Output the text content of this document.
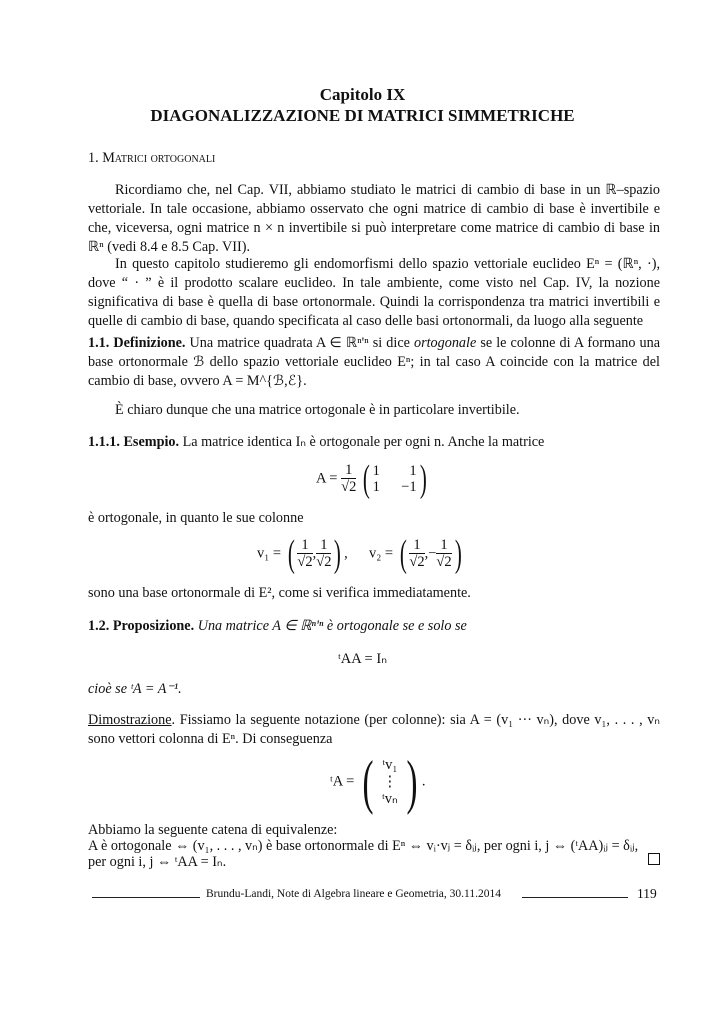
Capitolo IX
DIAGONALIZZAZIONE DI MATRICI SIMMETRICHE
1. Matrici ortogonali
Ricordiamo che, nel Cap. VII, abbiamo studiato le matrici di cambio di base in un ℝ–spazio vettoriale. In tale occasione, abbiamo osservato che ogni matrice di cambio di base è invertibile e che, viceversa, ogni matrice n × n invertibile si può interpretare come matrice di cambio di base in ℝⁿ (vedi 8.4 e 8.5 Cap. VII).
In questo capitolo studieremo gli endomorfismi dello spazio vettoriale euclideo Eⁿ = (ℝⁿ, ·), dove “ · ” è il prodotto scalare euclideo. In tale ambiente, come visto nel Cap. IV, la nozione significativa di base è quella di base ortonormale. Quindi la corrispondenza tra matrici invertibili e quelle di cambio di base, quando specificata al caso delle basi ortonormali, da luogo alla seguente
1.1. Definizione. Una matrice quadrata A ∈ ℝⁿ'ⁿ si dice ortogonale se le colonne di A formano una base ortonormale ℬ dello spazio vettoriale euclideo Eⁿ; in tal caso A coincide con la matrice del cambio di base, ovvero A = M^{ℬ,ℰ}.
È chiaro dunque che una matrice ortogonale è in particolare invertibile.
1.1.1. Esempio. La matrice identica Iₙ è ortogonale per ogni n. Anche la matrice
$A = \frac{1}{√2}$ ( 1 1
1 −1)
è ortogonale, in quanto le sue colonne
v₁ = ( $\frac{1}{√2}$ , $\frac{1}{√2}$ ) , v₂ = ( $\frac{1}{√2}$ ,− $\frac{1}{√2}$ )
sono una base ortonormale di E², come si verifica immediatamente.
1.2. Proposizione. Una matrice A ∈ ℝⁿ'ⁿ è ortogonale se e solo se
ᵗAA = Iₙ
cioè se ᵗA = A⁻¹.
Dimostrazione. Fissiamo la seguente notazione (per colonne): sia A = (v₁ ··· vₙ), dove v₁, . . . , vₙ sono vettori colonna di Eⁿ. Di conseguenza
ᵗA = ( ᵗv₁
⋮
ᵗvₙ ) .
Abbiamo la seguente catena di equivalenze:
A è ortogonale ⇔ (v₁, . . . , vₙ) è base ortonormale di Eⁿ ⇔ vᵢ·vⱼ = δᵢⱼ, per ogni i, j ⇔ (ᵗAA)ᵢⱼ = δᵢⱼ,
per ogni i, j ⇔ ᵗAA = Iₙ.
Brundu-Landi, Note di Algebra lineare e Geometria, 30.11.2014	119
